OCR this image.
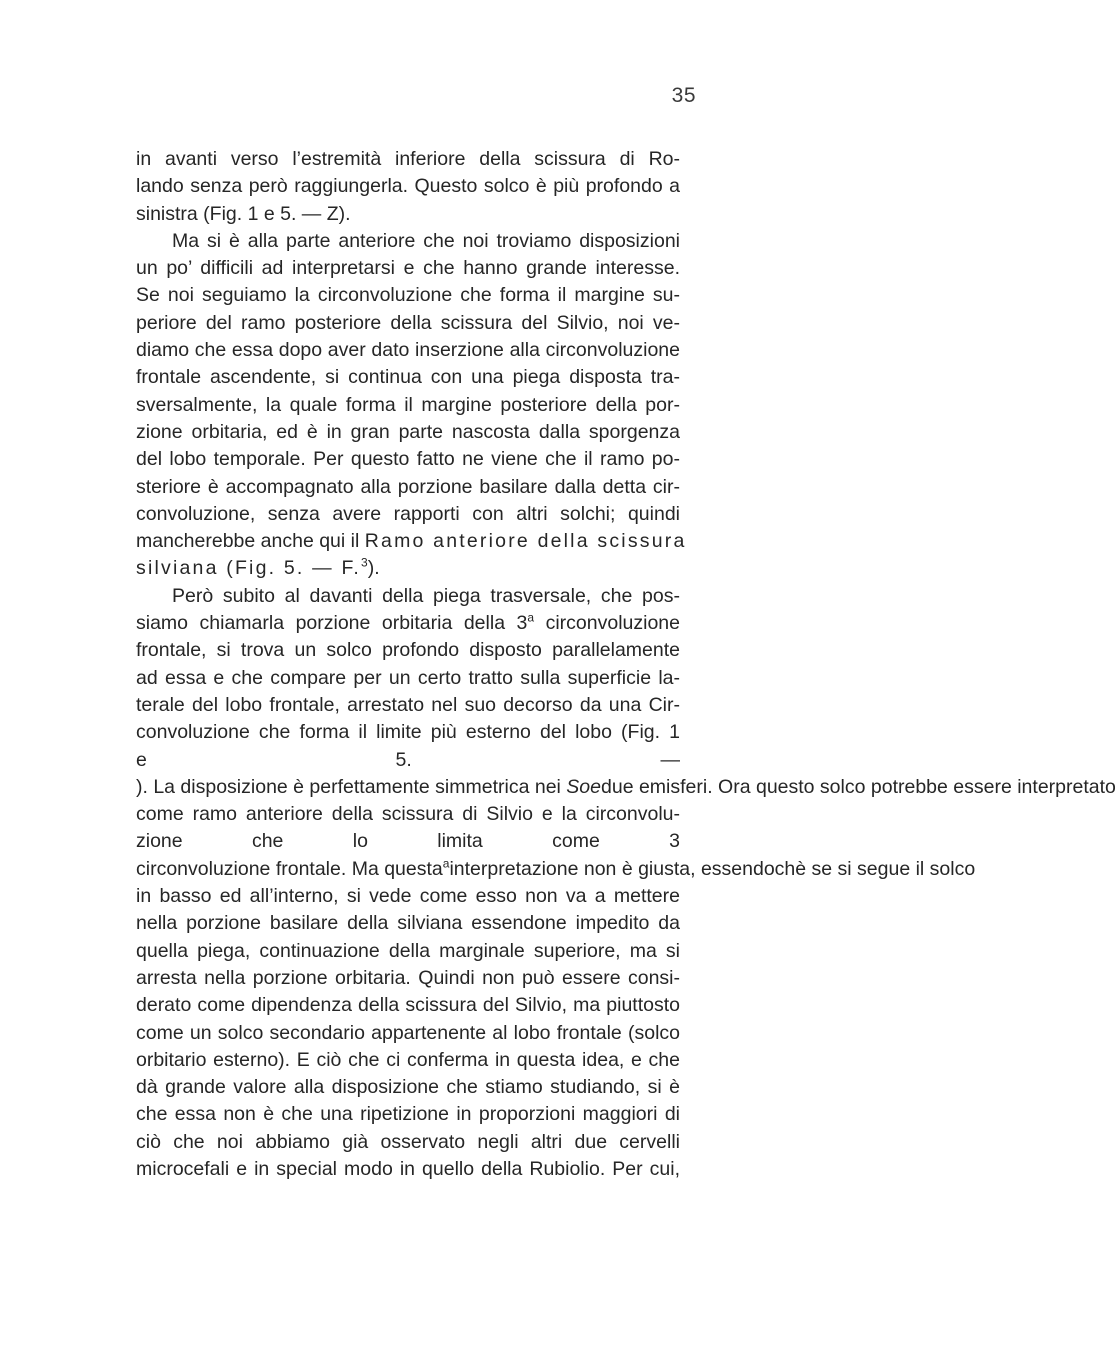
35
in avanti verso l’estremità inferiore della scissura di Ro-
lando senza però raggiungerla. Questo solco è più profondo a
sinistra (Fig. 1 e 5. — Z).
Ma si è alla parte anteriore che noi troviamo disposizioni
un po’ difficili ad interpretarsi e che hanno grande interesse.
Se noi seguiamo la circonvoluzione che forma il margine su-
periore del ramo posteriore della scissura del Silvio, noi ve-
diamo che essa dopo aver dato inserzione alla circonvoluzione
frontale ascendente, si continua con una piega disposta tra-
sversalmente, la quale forma il margine posteriore della por-
zione orbitaria, ed è in gran parte nascosta dalla sporgenza
del lobo temporale. Per questo fatto ne viene che il ramo po-
steriore è accompagnato alla porzione basilare dalla detta cir-
convoluzione, senza avere rapporti con altri solchi; quindi
mancherebbe anche qui il Ramo anteriore della scissura
silviana (Fig. 5. — F.$^3$).
Però subito al davanti della piega trasversale, che pos-
siamo chiamarla porzione orbitaria della 3$^a$ circonvoluzione
frontale, si trova un solco profondo disposto parallelamente
ad essa e che compare per un certo tratto sulla superficie la-
terale del lobo frontale, arrestato nel suo decorso da una Cir-
convoluzione che forma il limite più esterno del lobo (Fig. 1
e 5. —
). La disposizione è perfettamente simmetrica nei Soedue emisferi. Ora questo solco potrebbe essere interpretato
come ramo anteriore della scissura di Silvio e la circonvolu-
zione che lo limita come 3
circonvoluzione frontale. Ma questa$^a$interpretazione non è giusta, essendochè se si segue il solco
in basso ed all’interno, si vede come esso non va a mettere
nella porzione basilare della silviana essendone impedito da
quella piega, continuazione della marginale superiore, ma si
arresta nella porzione orbitaria. Quindi non può essere consi-
derato come dipendenza della scissura del Silvio, ma piuttosto
come un solco secondario appartenente al lobo frontale (solco
orbitario esterno). E ciò che ci conferma in questa idea, e che
dà grande valore alla disposizione che stiamo studiando, si è
che essa non è che una ripetizione in proporzioni maggiori di
ciò che noi abbiamo già osservato negli altri due cervelli
microcefali e in special modo in quello della Rubiolio. Per cui,
